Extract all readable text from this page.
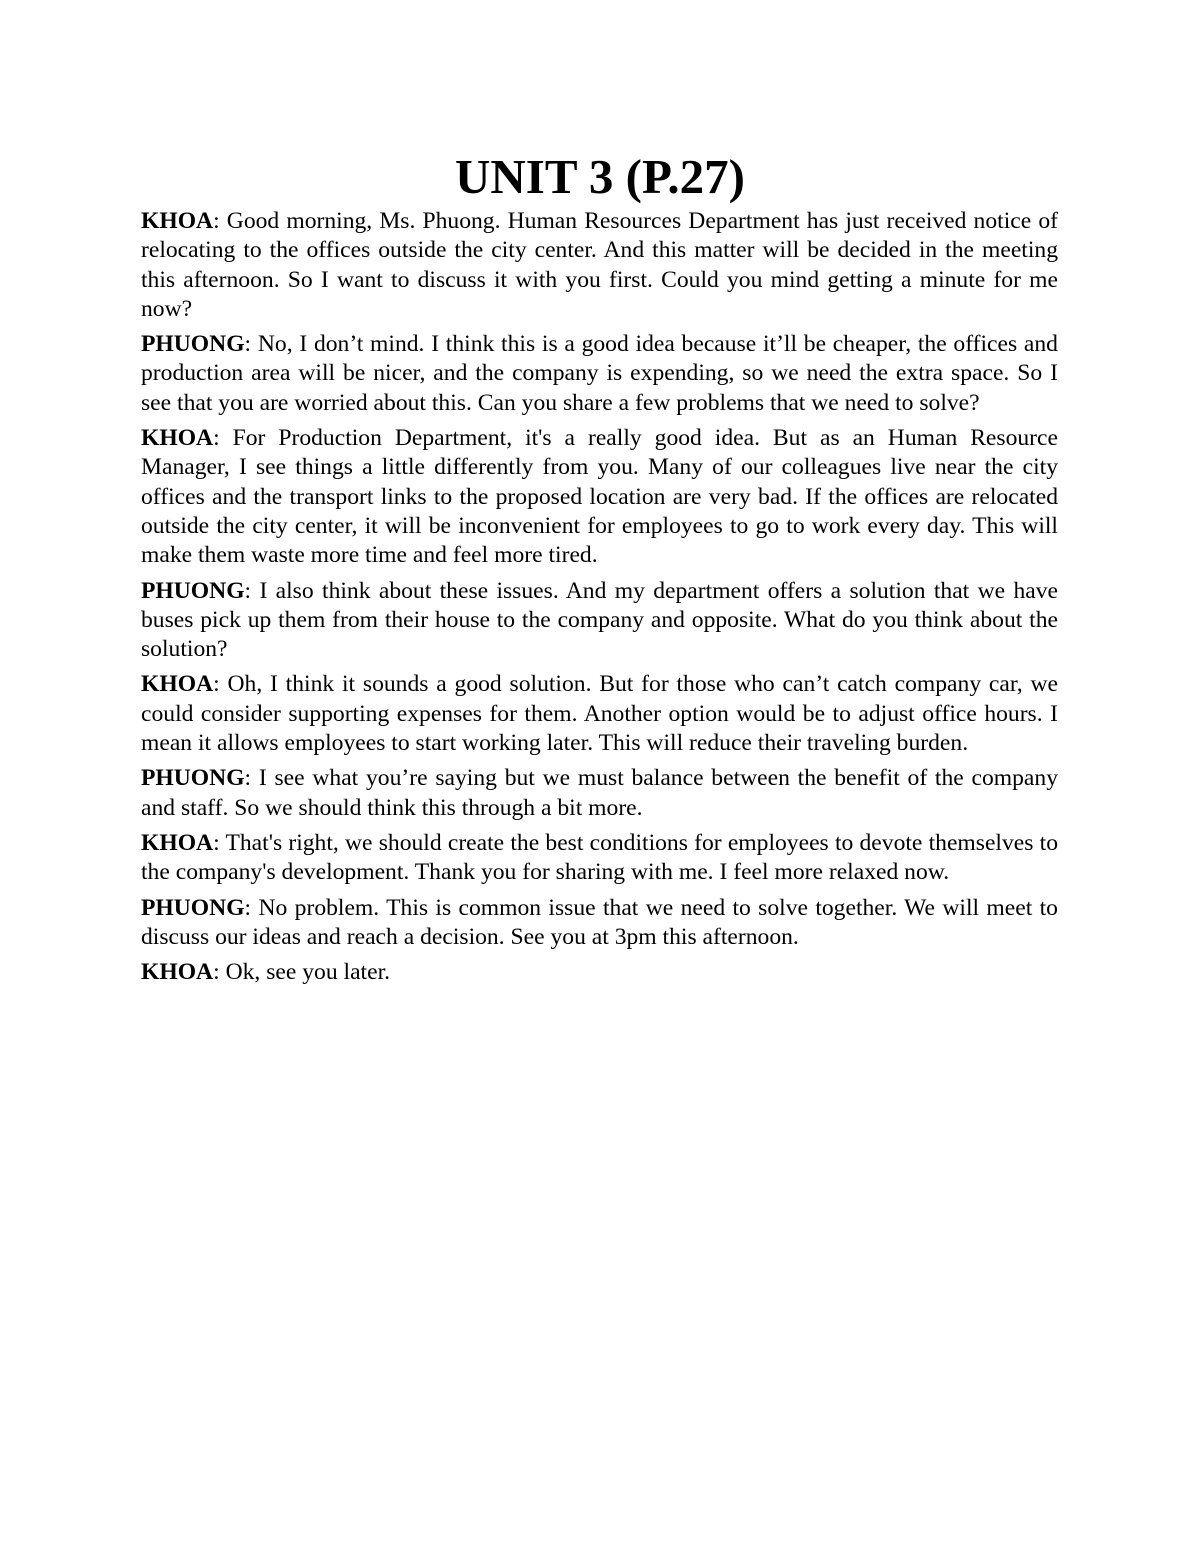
UNIT 3 (P.27)

KHOA: Good morning, Ms. Phuong. Human Resources Department has just received notice of relocating to the offices outside the city center. And this matter will be decided in the meeting this afternoon. So I want to discuss it with you first. Could you mind getting a minute for me now?

PHUONG: No, I don’t mind. I think this is a good idea because it’ll be cheaper, the offices and production area will be nicer, and the company is expending, so we need the extra space. So I see that you are worried about this. Can you share a few problems that we need to solve?

KHOA: For Production Department, it's a really good idea. But as an Human Resource Manager, I see things a little differently from you. Many of our colleagues live near the city offices and the transport links to the proposed location are very bad. If the offices are relocated outside the city center, it will be inconvenient for employees to go to work every day. This will make them waste more time and feel more tired.

PHUONG: I also think about these issues. And my department offers a solution that we have buses pick up them from their house to the company and opposite. What do you think about the solution?

KHOA: Oh, I think it sounds a good solution. But for those who can’t catch company car, we could consider supporting expenses for them. Another option would be to adjust office hours. I mean it allows employees to start working later. This will reduce their traveling burden.

PHUONG: I see what you’re saying but we must balance between the benefit of the company and staff. So we should think this through a bit more.

KHOA: That's right, we should create the best conditions for employees to devote themselves to the company's development. Thank you for sharing with me. I feel more relaxed now.

PHUONG: No problem. This is common issue that we need to solve together. We will meet to discuss our ideas and reach a decision. See you at 3pm this afternoon.

KHOA: Ok, see you later.
